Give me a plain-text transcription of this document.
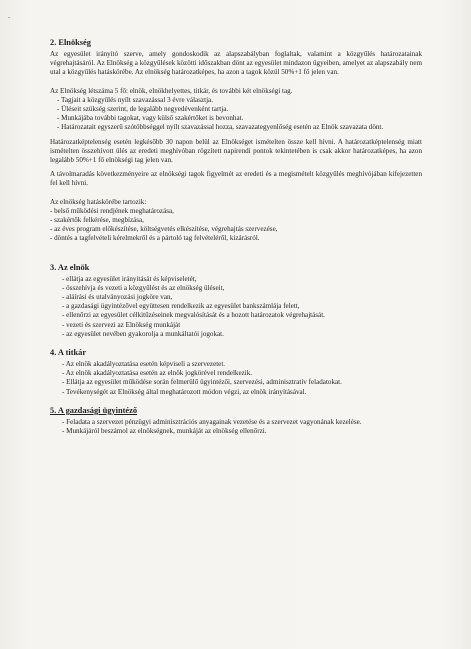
-
2. Elnökség

Az egyesület irányító szerve, amely gondoskodik az alapszabályban foglaltak, valamint a közgyűlés határozatainak végrehajtásáról. Az Elnökség a közgyűlések közötti időszakban dönt az egyesület mindazon ügyeiben, amelyet az alapszabály nem utal a közgyűlés hatáskörébe. Az elnökség határozatképes, ha azon a tagok közül 50%+1 fő jelen van.

Az Elnökség létszáma 5 fő: elnök, elnökhelyettes, titkár, és további két elnökségi tag.

- Tagjait a közgyűlés nyílt szavazással 3 évre választja.
- Üléseit szükség szerint, de legalább negyedévenként tartja.
- Munkájába további tagokat, vagy külső szakértőket is bevonhat.
- Határozatait egyszerű szótöbbséggel nyílt szavazással hozza, szavazategyenlőség esetén az Elnök szavazata dönt.

Határozatképtelenség esetén legkésőbb 30 napon belül az Elnökséget ismételten össze kell hívni. A határozatképtelenség miatt ismételten összehívott ülés az eredeti meghívóban rögzített napirendi pontok tekintetében is csak akkor határozatképes, ha azon legalább 50%+1 fő elnökségi tag jelen van.

A távolmaradás következményeire az elnökségi tagok figyelmét az eredeti és a megismételt közgyűlés meghívójában kifejezetten fel kell hívni.

Az elnökség hatáskörébe tartozik:

- belső működési rendjének meghatározása,
- szakértők felkérése, megbízása,
- az éves program előkészítése, költségvetés elkészítése, végrehajtás szervezése,
- döntés a tagfelvételi kérelmekről és a pártoló tag felvételéről, kizárásról.
3. Az elnök
- ellátja az egyesület irányítását és képviseletét,
- összehívja és vezeti a közgyűlést és az elnökség üléseit,
- aláírási és utalványozási jogköre van,
- a gazdasági ügyintézővel együttesen rendelkezik az egyesület bankszámlája felett,
- ellenőrzi az egyesület célkitűzéseinek megvalósítását és a hozott határozatok végrehajtását.
- vezeti és szervezi az Elnökség munkáját
- az egyesület nevében gyakorolja a munkáltatói jogokat.
4. A titkár
- Az elnök akadályoztatása esetén képviseli a szervezetet.
- Az elnök akadályoztatása esetén az elnök jogkörével rendelkezik.
- Ellátja az egyesület működése során felmerülő ügyintézői, szervezési, adminisztratív feladatokat.
- Tevékenységét az Elnökség által meghatározott módon végzi, az elnök irányításával.
5. A gazdasági ügyintéző
- Feladata a szervezet pénzügyi adminisztrációs anyagainak vezetése és a szervezet vagyonának kezelése.
- Munkájáról beszámol az elnökségnek, munkáját az elnökség ellenőrzi.
